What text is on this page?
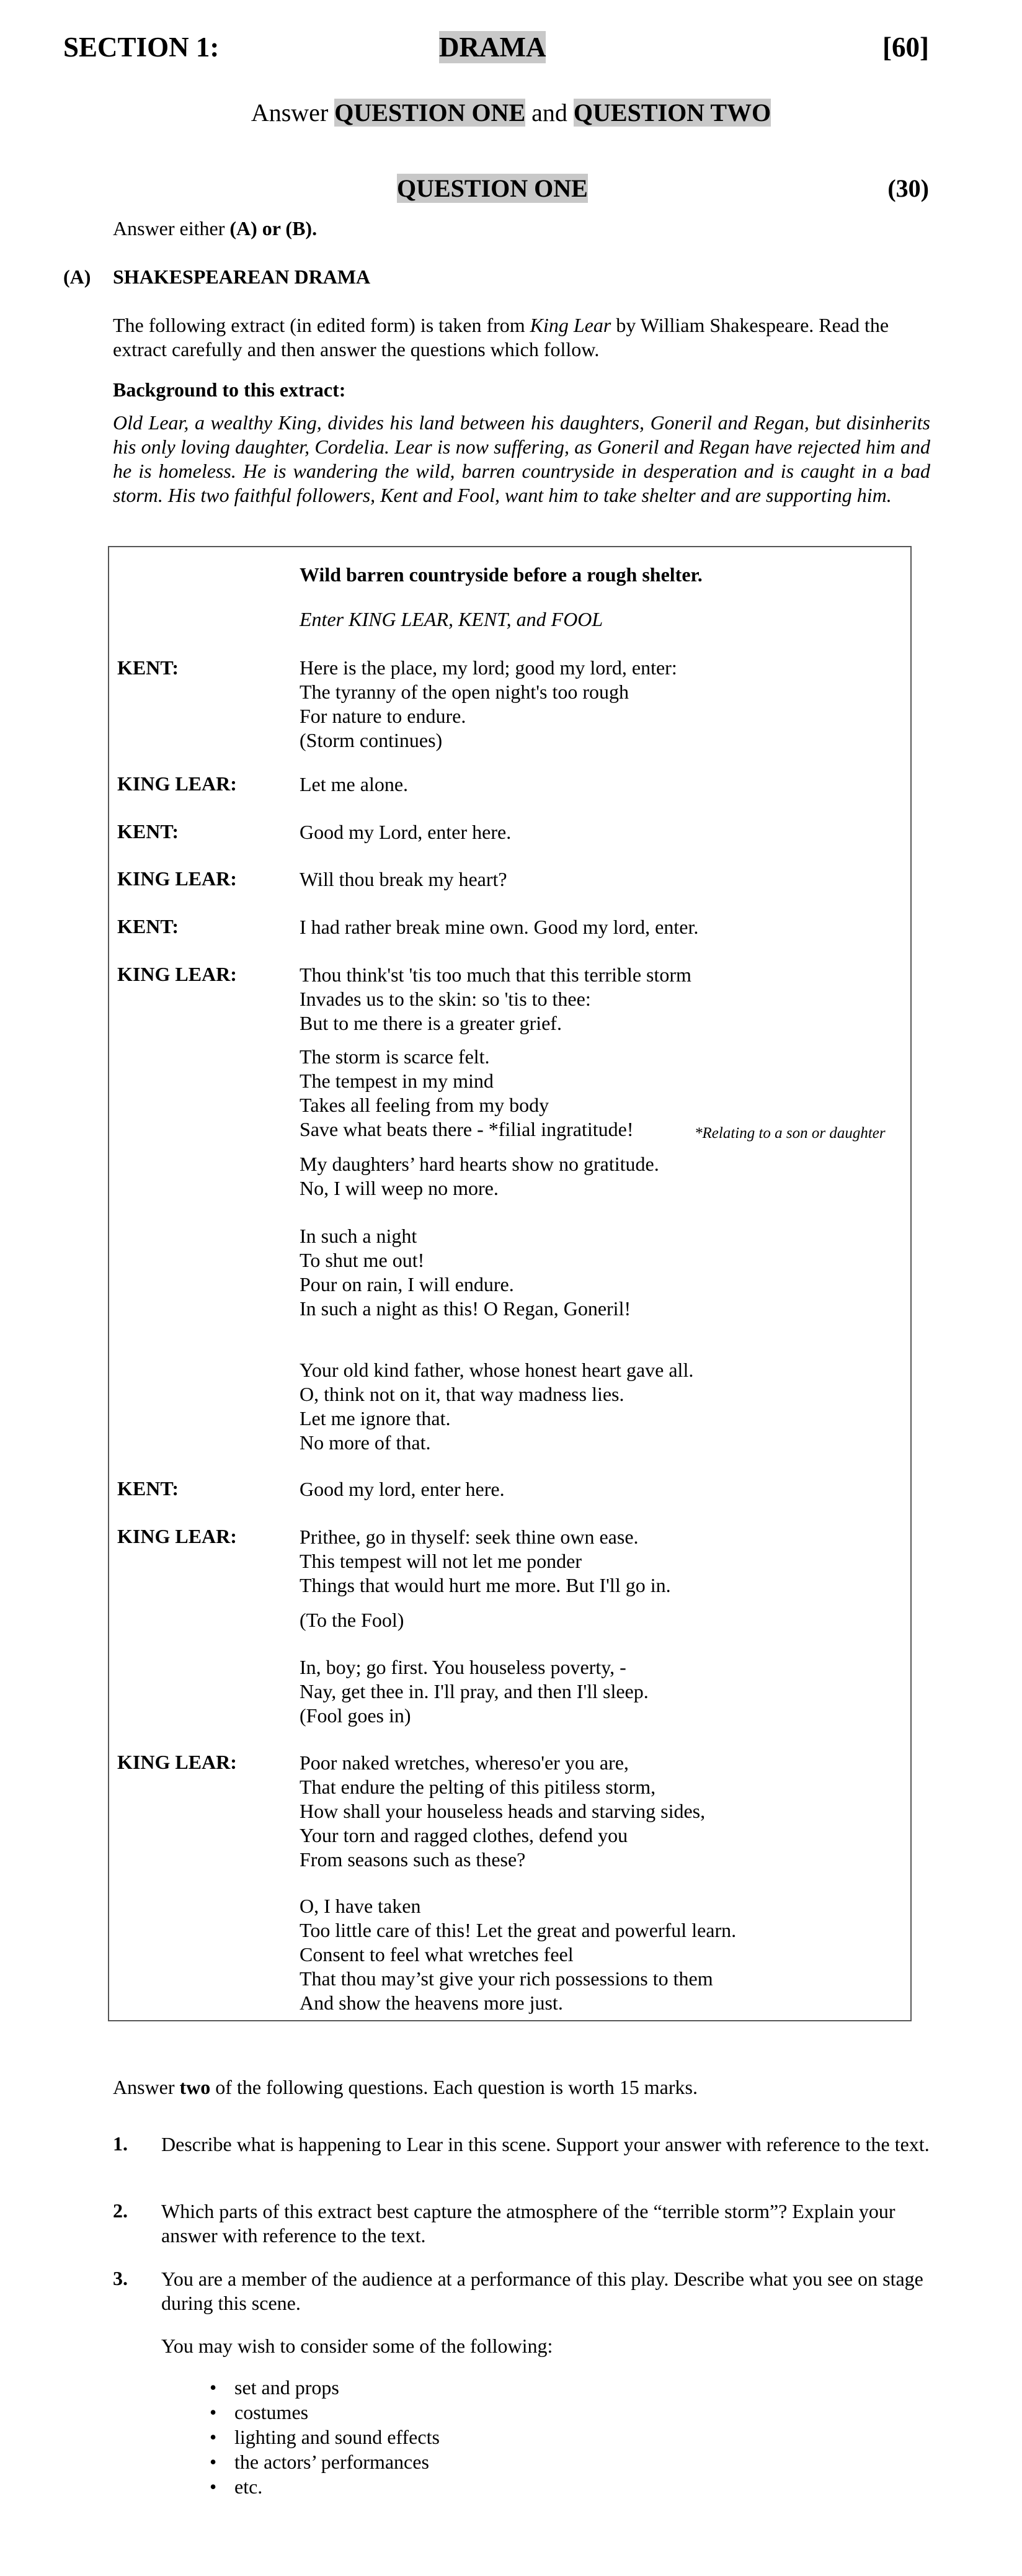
SECTION 1:	DRAMA	[60]
Answer QUESTION ONE and QUESTION TWO
QUESTION ONE	(30)
Answer either (A) or (B).
(A) SHAKESPEAREAN DRAMA
The following extract (in edited form) is taken from King Lear by William Shakespeare. Read the extract carefully and then answer the questions which follow.
Background to this extract:
Old Lear, a wealthy King, divides his land between his daughters, Goneril and Regan, but disinherits his only loving daughter, Cordelia. Lear is now suffering, as Goneril and Regan have rejected him and he is homeless. He is wandering the wild, barren countryside in desperation and is caught in a bad storm. His two faithful followers, Kent and Fool, want him to take shelter and are supporting him.
Wild barren countryside before a rough shelter.
Enter KING LEAR, KENT, and FOOL
KENT:	Here is the place, my lord; good my lord, enter:
The tyranny of the open night's too rough
For nature to endure.
(Storm continues)
KING LEAR:	Let me alone.
KENT:	Good my Lord, enter here.
KING LEAR:	Will thou break my heart?
KENT:	I had rather break mine own. Good my lord, enter.
KING LEAR:	Thou think'st 'tis too much that this terrible storm
Invades us to the skin: so 'tis to thee:
But to me there is a greater grief.
The storm is scarce felt.
The tempest in my mind
Takes all feeling from my body
Save what beats there - *filial ingratitude!	*Relating to a son or daughter
My daughters’ hard hearts show no gratitude.
No, I will weep no more.
In such a night
To shut me out!
Pour on rain, I will endure.
In such a night as this! O Regan, Goneril!
Your old kind father, whose honest heart gave all.
O, think not on it, that way madness lies.
Let me ignore that.
No more of that.
KENT:	Good my lord, enter here.
KING LEAR:	Prithee, go in thyself: seek thine own ease.
This tempest will not let me ponder
Things that would hurt me more. But I'll go in.
(To the Fool)
In, boy; go first. You houseless poverty, -
Nay, get thee in. I'll pray, and then I'll sleep.
(Fool goes in)
KING LEAR:	Poor naked wretches, whereso'er you are,
That endure the pelting of this pitiless storm,
How shall your houseless heads and starving sides,
Your torn and ragged clothes, defend you
From seasons such as these?
O, I have taken
Too little care of this! Let the great and powerful learn.
Consent to feel what wretches feel
That thou may’st give your rich possessions to them
And show the heavens more just.
Answer two of the following questions. Each question is worth 15 marks.
1. Describe what is happening to Lear in this scene. Support your answer with reference to the text.
2. Which parts of this extract best capture the atmosphere of the “terrible storm”? Explain your answer with reference to the text.
3. You are a member of the audience at a performance of this play. Describe what you see on stage during this scene.
You may wish to consider some of the following:
• set and props
• costumes
• lighting and sound effects
• the actors’ performances
• etc.
